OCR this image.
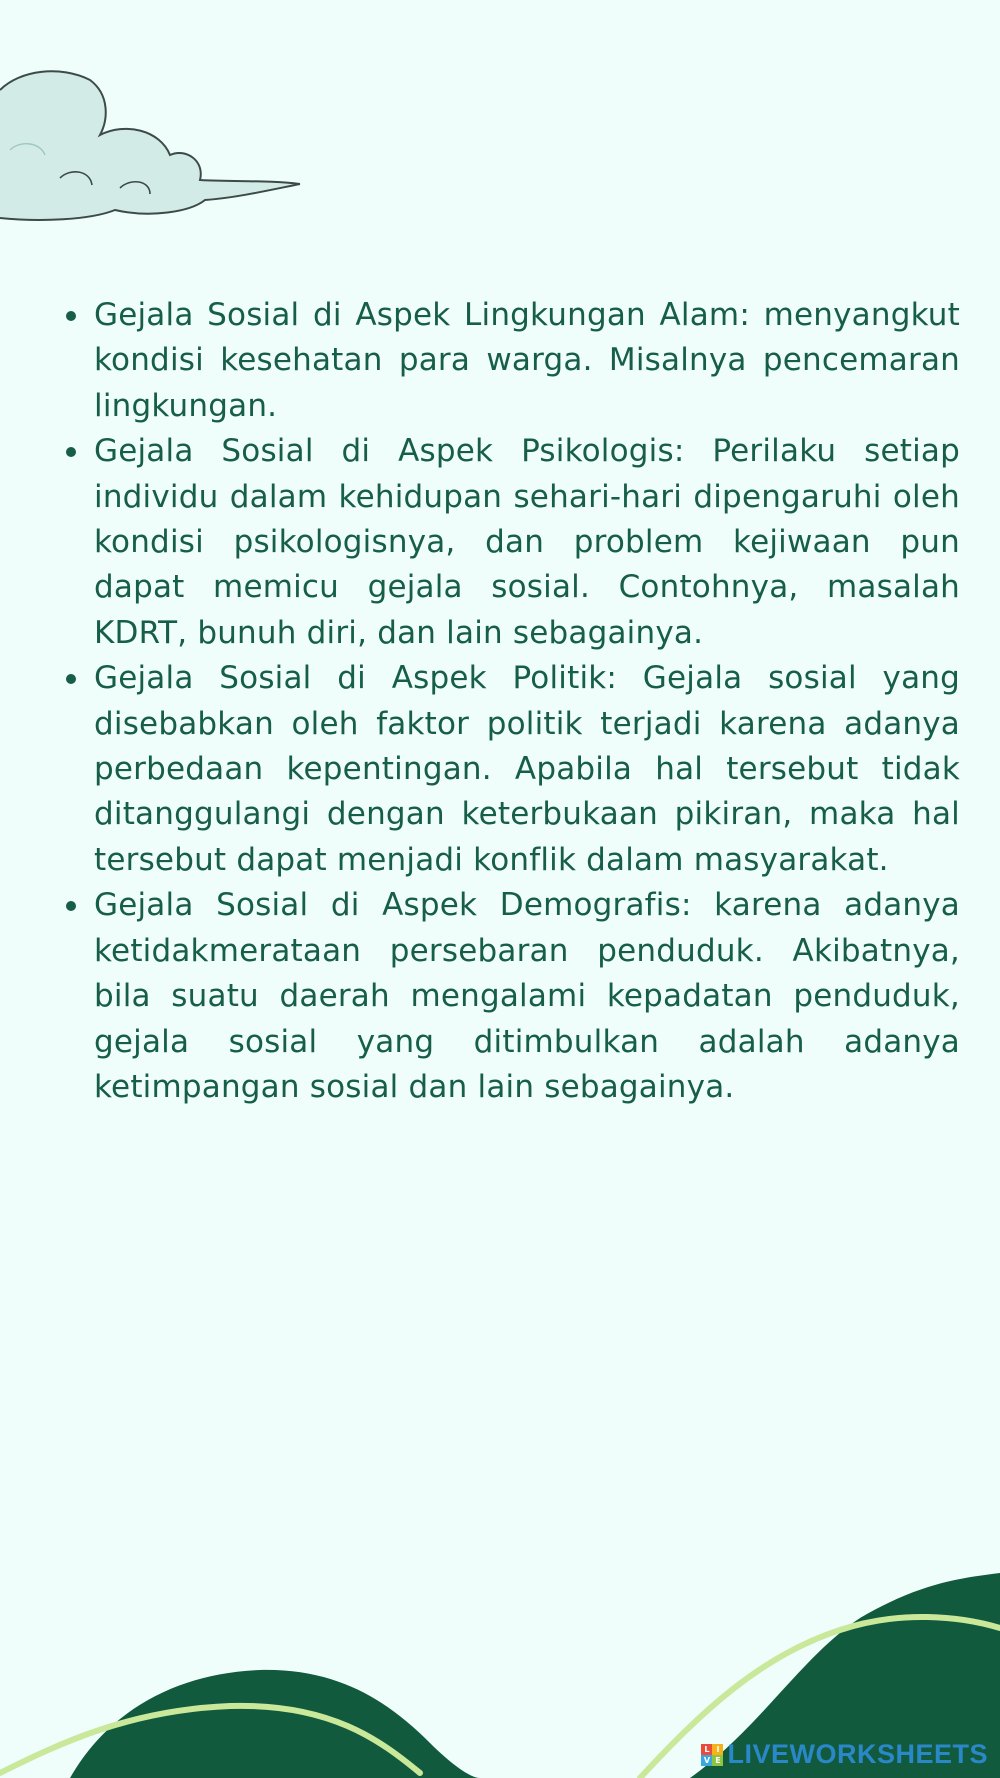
Gejala Sosial di Aspek Lingkungan Alam: menyangkut kondisi kesehatan para warga. Misalnya pencemaran lingkungan.
Gejala Sosial di Aspek Psikologis: Perilaku setiap individu dalam kehidupan sehari-hari dipengaruhi oleh kondisi psikologisnya, dan problem kejiwaan pun dapat memicu gejala sosial. Contohnya, masalah KDRT, bunuh diri, dan lain sebagainya.
Gejala Sosial di Aspek Politik: Gejala sosial yang disebabkan oleh faktor politik terjadi karena adanya perbedaan kepentingan. Apabila hal tersebut tidak ditanggulangi dengan keterbukaan pikiran, maka hal tersebut dapat menjadi konflik dalam masyarakat.
Gejala Sosial di Aspek Demografis: karena adanya ketidakmerataan persebaran penduduk. Akibatnya, bila suatu daerah mengalami kepadatan penduduk, gejala sosial yang ditimbulkan adalah adanya ketimpangan sosial dan lain sebagainya.
L I
V E LIVEWORKSHEETS
